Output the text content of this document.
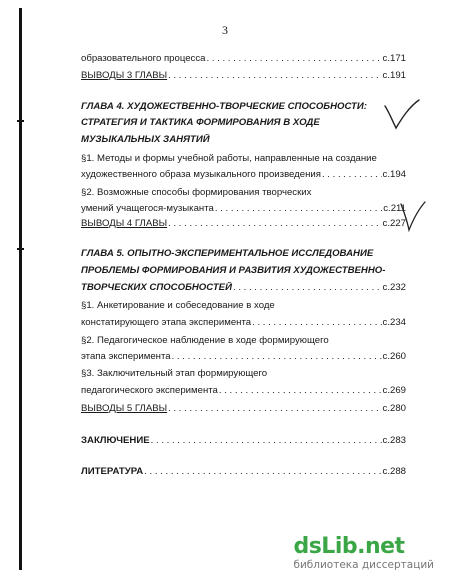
3
образовательного процесса . . .	с.171
ВЫВОДЫ 3 ГЛАВЫ . . .	с.191
ГЛАВА 4. ХУДОЖЕСТВЕННО-ТВОРЧЕСКИЕ СПОСОБНОСТИ:
СТРАТЕГИЯ И ТАКТИКА ФОРМИРОВАНИЯ В ХОДЕ
МУЗЫКАЛЬНЫХ ЗАНЯТИЙ
§1. Методы и формы учебной работы, направленные на создание
художественного образа музыкального произведения . . .	с.194
§2. Возможные способы формирования творческих
умений учащегося-музыканта . . .	с.211
ВЫВОДЫ 4 ГЛАВЫ . . .	с.227
ГЛАВА 5. ОПЫТНО-ЭКСПЕРИМЕНТАЛЬНОЕ ИССЛЕДОВАНИЕ
ПРОБЛЕМЫ ФОРМИРОВАНИЯ И РАЗВИТИЯ ХУДОЖЕСТВЕННО-
ТВОРЧЕСКИХ СПОСОБНОСТЕЙ . . .	с.232
§1. Анкетирование и собеседование в ходе
констатирующего этапа эксперимента . . .	с.234
§2. Педагогическое наблюдение в ходе формирующего
этапа эксперимента . . .	с.260
§3. Заключительный этап формирующего
педагогического эксперимента . . .	с.269
ВЫВОДЫ 5 ГЛАВЫ . . .	с.280
ЗАКЛЮЧЕНИЕ . . .	с.283
ЛИТЕРАТУРА . . .	с.288
dsLib.net
библиотека диссертаций
